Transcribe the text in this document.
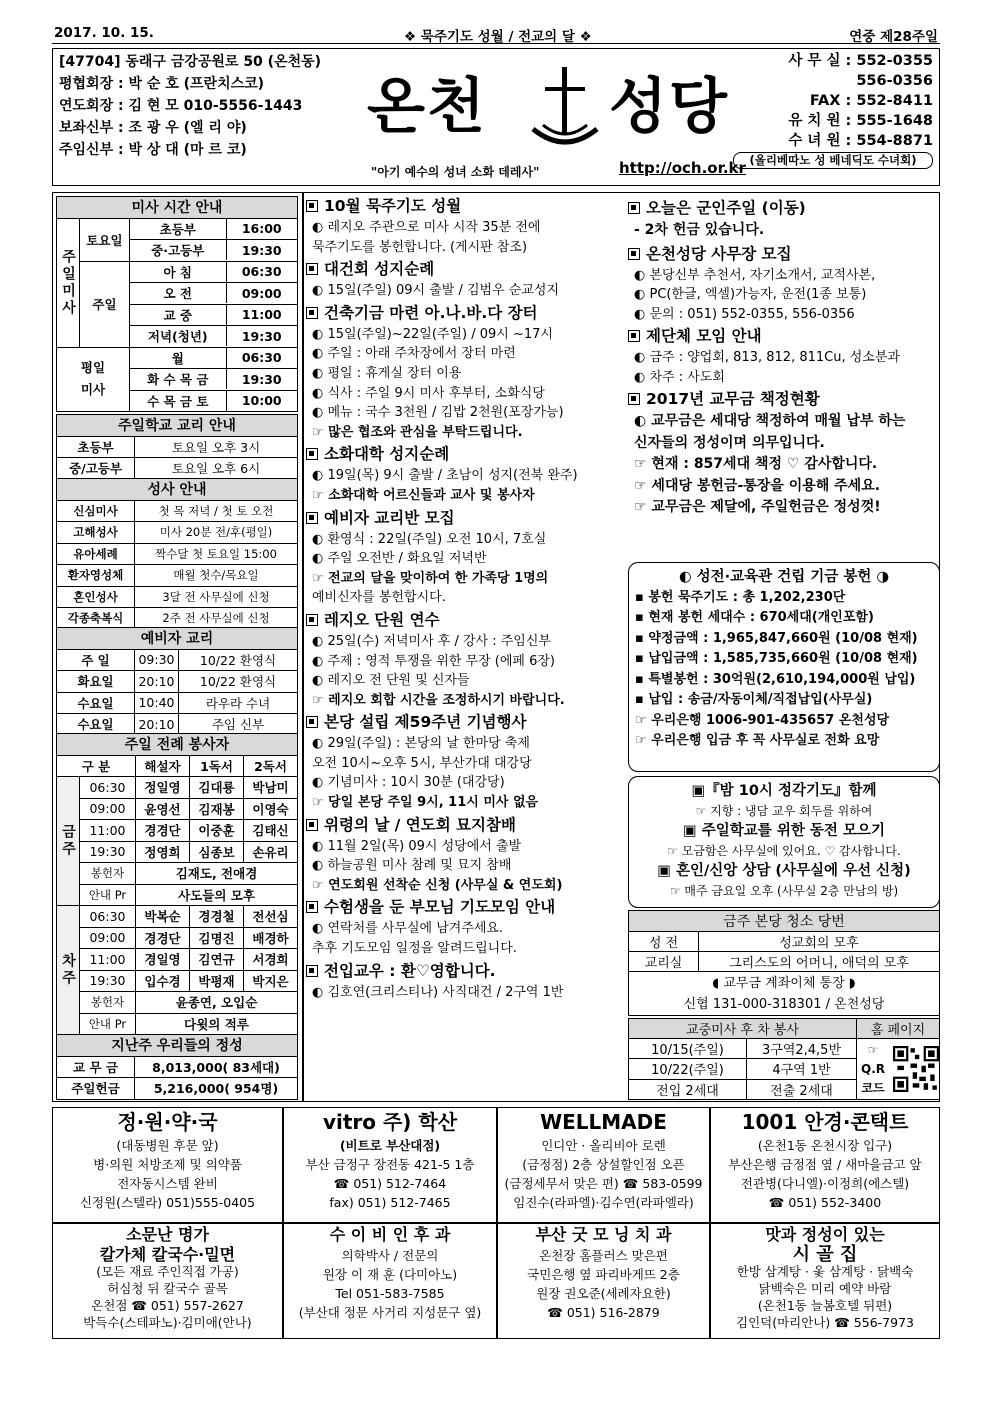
2017. 10. 15.	❖ 묵주기도 성월 / 전교의 달 ❖	연중 제28주일
[47704] 동래구 금강공원로 50 (온천동)
평협회장 : 박 순 호 (프란치스코)
연도회장 : 김 현 모 010-5556-1443
보좌신부 : 조 광 우 (엘 리 야)
주임신부 : 박 상 대 (마 르 코)
온천 성당
"아기 예수의 성녀 소화 데레사"	http://och.or.kr
사 무 실 : 552-0355
556-0356
FAX : 552-8411
유 치 원 : 555-1648
수 녀 원 : 554-8871
(올리베따노 성 베네딕도 수녀회)
미사 시간 안내
주일미사	토요일	
초등부	16:00

중·고등부	19:30

주일	
아 침	06:30

오 전	09:00

교 중	11:00

저녁(청년)	19:30

평일
미사	
월	06:30

화 수 목 금	19:30

수 목 금 토	10:00
주일학교 교리 안내	
초등부	토요일 오후 3시
중/고등부	토요일 오후 6시
성사 안내	
신심미사	첫 목 저녁 / 첫 토 오전
고해성사	미사 20분 전/후(평일)
유아세례	짝수달 첫 토요일 15:00
환자영성체	매월 첫수/목요일
혼인성사	3달 전 사무실에 신청
각종축복식	2주 전 사무실에 신청
예비자 교리		
주 일	09:30	10/22 환영식
화요일	20:10	10/22 환영식
수요일	10:40	라우라 수녀
수요일	20:10	주임 신부
주일 전례 봉사자				
구 분		해설자	1독서	2독서
금주	06:30	정일영	김대룡	박남미
	09:00	윤영선	김재봉	이영숙
	11:00	경경단	이중훈	김태신
	19:30	정영희	심종보	손유리
	봉헌자	김재도, 전애경		
	안내 Pr	사도들의 모후		
차주	06:30	박복순	경경철	전선심
	09:00	경경단	김명진	배경하
	11:00	경일영	김연규	서경희
	19:30	입수경	박평재	박지은
	봉헌자	윤종연, 오입순		
	안내 Pr	다윗의 적루		
지난주 우리들의 정성	
교 무 금	8,013,000( 83세대)
주일헌금	5,216,000( 954명)
10월 묵주기도 성월
◐ 레지오 주관으로 미사 시작 35분 전에
묵주기도를 봉헌합니다. (게시판 참조)
대건회 성지순례
◐ 15일(주일) 09시 출발 / 김범우 순교성지
건축기금 마련 아.나.바.다 장터
◐ 15일(주일)~22일(주일) / 09시 ~17시
◐ 주일 : 아래 주차장에서 장터 마련
◐ 평일 : 휴게실 장터 이용
◐ 식사 : 주일 9시 미사 후부터, 소화식당
◐ 메뉴 : 국수 3천원 / 김밥 2천원(포장가능)
☞ 많은 협조와 관심을 부탁드립니다.
소화대학 성지순례
◐ 19일(목) 9시 출발 / 초남이 성지(전북 완주)
☞ 소화대학 어르신들과 교사 및 봉사자
예비자 교리반 모집
◐ 환영식 : 22일(주일) 오전 10시, 7호실
◐ 주일 오전반 / 화요일 저녁반
☞ 전교의 달을 맞이하여 한 가족당 1명의
예비신자를 봉헌합시다.
레지오 단원 연수
◐ 25일(수) 저녁미사 후 / 강사 : 주임신부
◐ 주제 : 영적 투쟁을 위한 무장 (에페 6장)
◐ 레지오 전 단원 및 신자들
☞ 레지오 회합 시간을 조정하시기 바랍니다.
본당 설립 제59주년 기념행사
◐ 29일(주일) : 본당의 날 한마당 축제
오전 10시~오후 5시, 부산가대 대강당
◐ 기념미사 : 10시 30분 (대강당)
☞ 당일 본당 주일 9시, 11시 미사 없음
위령의 날 / 연도회 묘지참배
◐ 11월 2일(목) 09시 성당에서 출발
◐ 하늘공원 미사 참례 및 묘지 참배
☞ 연도회원 선착순 신청 (사무실 & 연도회)
수험생을 둔 부모님 기도모임 안내
◐ 연락처를 사무실에 남겨주세요.
추후 기도모임 일정을 알려드립니다.
전입교우 : 환♡영합니다.
◐ 김호연(크리스티나) 사직대건 / 2구역 1반
오늘은 군인주일 (이동)
- 2차 헌금 있습니다.
온천성당 사무장 모집
◐ 본당신부 추천서, 자기소개서, 교적사본,
◐ PC(한글, 엑셀)가능자, 운전(1종 보통)
◐ 문의 : 051) 552-0355, 556-0356
제단체 모임 안내
◐ 금주 : 양업회, 813, 812, 811Cu, 성소분과
◐ 차주 : 사도회
2017년 교무금 책정현황
◐ 교무금은 세대당 책정하여 매월 납부 하는
신자들의 정성이며 의무입니다.
☞ 현재 : 857세대 책정 ♡ 감사합니다.
☞ 세대당 봉헌금-통장을 이용해 주세요.
☞ 교무금은 제달에, 주일헌금은 정성껏!
◐ 성전·교육관 건립 기금 봉헌 ◑
▪ 봉헌 묵주기도 : 총 1,202,230단
▪ 현재 봉헌 세대수 : 670세대(개인포함)
▪ 약정금액 : 1,965,847,660원 (10/08 현재)
▪ 납입금액 : 1,585,735,660원 (10/08 현재)
▪ 특별봉헌 : 30억원(2,610,194,000원 납입)
▪ 납입 : 송금/자동이체/직접납입(사무실)
☞ 우리은행 1006-901-435657 온천성당
☞ 우리은행 입금 후 꼭 사무실로 전화 요망
▣『밤 10시 정각기도』함께
☞ 지향 : 냉담 교우 회두를 위하여
▣ 주일학교를 위한 동전 모으기
☞ 모금함은 사무실에 있어요. ♡ 감사합니다.
▣ 혼인/신앙 상담 (사무실에 우선 신청)
☞ 매주 금요일 오후 (사무실 2층 만남의 방)
금주 본당 청소 당번	
성 전	성교회의 모후
교리실	그리스도의 어머니, 애덕의 모후
◖ 교무금 계좌이체 통장 ◗
신협 131-000-318301 / 온천성당	
교중미사 후 차 봉사		홈 페이지
10/15(주일)	3구역2,4,5반	☞
Q.R
코드

10/22(주일)	4구역 1반	
전입 2세대	전출 2세대	
정·원·약·국
(대동병원 후문 앞)
병·의원 처방조제 및 의약품
전자동시스템 완비
신정원(스텔라) 051)555-0405
vitro 주) 학산
(비트로 부산대점)
부산 금정구 장전동 421-5 1층
☎ 051) 512-7464
fax) 051) 512-7465
WELLMADE
인디안 · 올리비아 로렌
(금정점) 2층 상설할인점 오픈
(금정세무서 맞은 편) ☎ 583-0599
임진수(라파엘)·김수연(라파엘라)
1001 안경·콘택트
(온천1동 온천시장 입구)
부산은행 금정점 옆 / 새마을금고 앞
전관병(다니엘)·이정희(에스텔)
☎ 051) 552-3400
소문난 명가
칼가체 칼국수·밀면
(모든 재료 주인직접 가공)
허심청 뒤 칼국수 골목
온천점 ☎ 051) 557-2627
박득수(스테파노)·김미애(안나)
수 이 비 인 후 과
의학박사 / 전문의
원장 이 재 훈 (다미아노)
Tel 051-583-7585
(부산대 정문 사거리 지성문구 옆)
부산 굿 모 닝 치 과
온천장 홈플러스 맞은편
국민은행 옆 파리바게뜨 2층
원장 권오준(세례자요한)
☎ 051) 516-2879
맛과 정성이 있는
시 골 집
한방 삼계탕 · 옻 삼계탕 · 닭백숙
닭백숙은 미리 예약 바람
(온천1동 늘봄호텔 뒤편)
김인덕(마리안나) ☎ 556-7973
